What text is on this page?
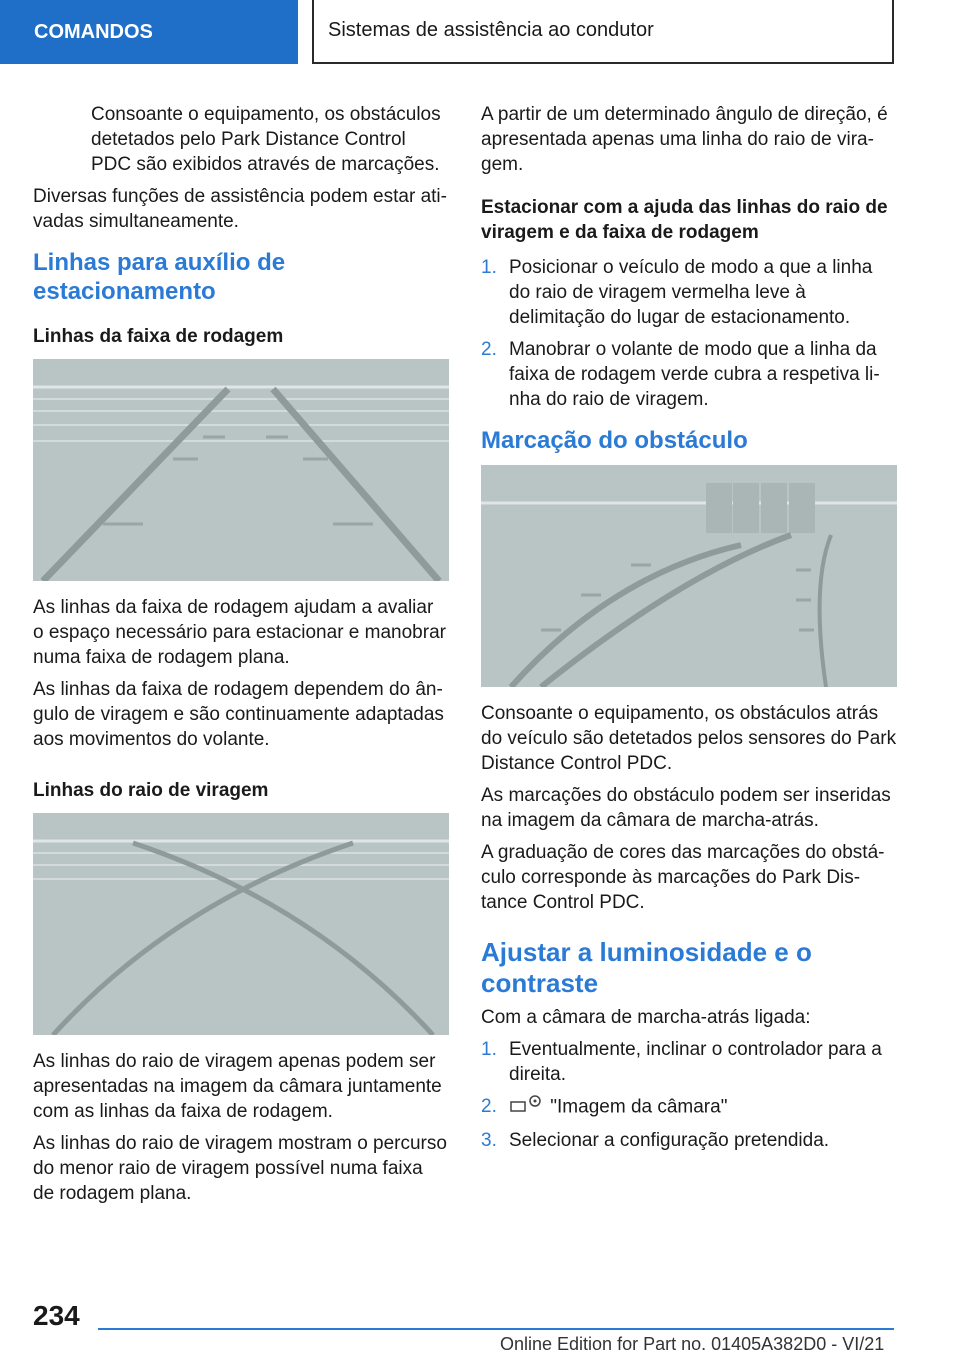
COMANDOS	Sistemas de assistência ao condutor

Consoante o equipamento, os obstáculos detetados pelo Park Distance Control PDC são exibidos através de marcações.

Diversas funções de assistência podem estar ati-vadas simultaneamente.

Linhas para auxílio de estacionamento
Linhas da faixa de rodagem

As linhas da faixa de rodagem ajudam a avaliar o espaço necessário para estacionar e manobrar numa faixa de rodagem plana.

As linhas da faixa de rodagem dependem do ân-gulo de viragem e são continuamente adaptadas aos movimentos do volante.

Linhas do raio de viragem

As linhas do raio de viragem apenas podem ser apresentadas na imagem da câmara juntamente com as linhas da faixa de rodagem.

As linhas do raio de viragem mostram o percurso do menor raio de viragem possível numa faixa de rodagem plana.

A partir de um determinado ângulo de direção, é apresentada apenas uma linha do raio de vira-gem.

Estacionar com a ajuda das linhas do raio de viragem e da faixa de rodagem
1. Posicionar o veículo de modo a que a linha do raio de viragem vermelha leve à delimitação do lugar de estacionamento.
2. Manobrar o volante de modo que a linha da faixa de rodagem verde cubra a respetiva li-nha do raio de viragem.
Marcação do obstáculo

Consoante o equipamento, os obstáculos atrás do veículo são detetados pelos sensores do Park Distance Control PDC.

As marcações do obstáculo podem ser inseridas na imagem da câmara de marcha-atrás.

A graduação de cores das marcações do obstá-culo corresponde às marcações do Park Dis-tance Control PDC.

Ajustar a luminosidade e o contraste

Com a câmara de marcha-atrás ligada:

1. Eventualmente, inclinar o controlador para a direita.
2.	"Imagem da câmara"
3. Selecionar a configuração pretendida.
234
Online Edition for Part no. 01405A382D0 - VI/21
